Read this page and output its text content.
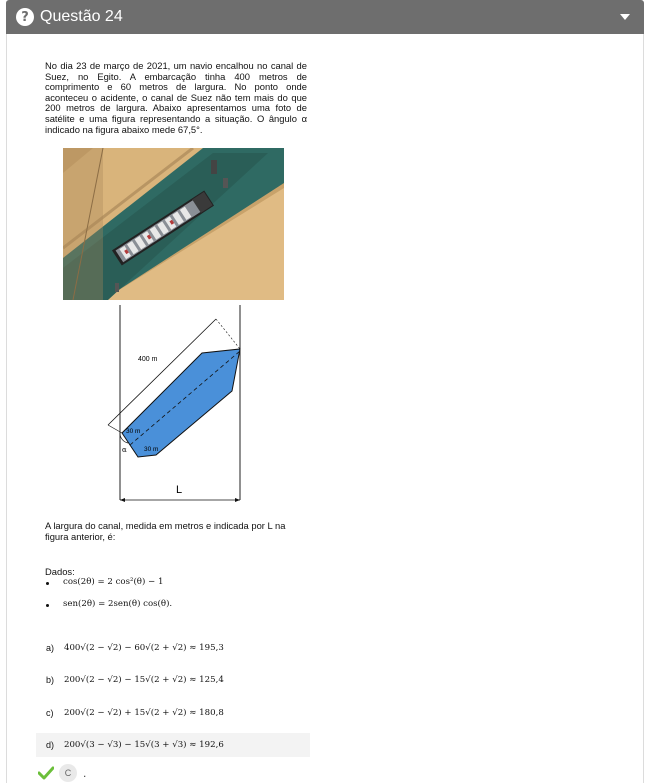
? Questão 24

No dia 23 de março de 2021, um navio encalhou no canal de Suez, no Egito. A embarcação tinha 400 metros de comprimento e 60 metros de largura. No ponto onde aconteceu o acidente, o canal de Suez não tem mais do que 200 metros de largura. Abaixo apresentamos uma foto de satélite e uma figura representando a situação. O ângulo α indicado na figura abaixo mede 67,5°.

400 m
30 m
30 m
α
L

A largura do canal, medida em metros e indicada por L na figura anterior, é:

Dados:
cos(2θ) = 2 cos²(θ) − 1
sen(2θ) = 2sen(θ) cos(θ).
a)	400√(2 − √2) − 60√(2 + √2) ≈ 195,3
b)	200√(2 − √2) − 15√(2 + √2) ≈ 125,4
c)	200√(2 − √2) + 15√(2 + √2) ≈ 180,8
d)	200√(3 − √3) − 15√(3 + √3) ≈ 192,6
C .
